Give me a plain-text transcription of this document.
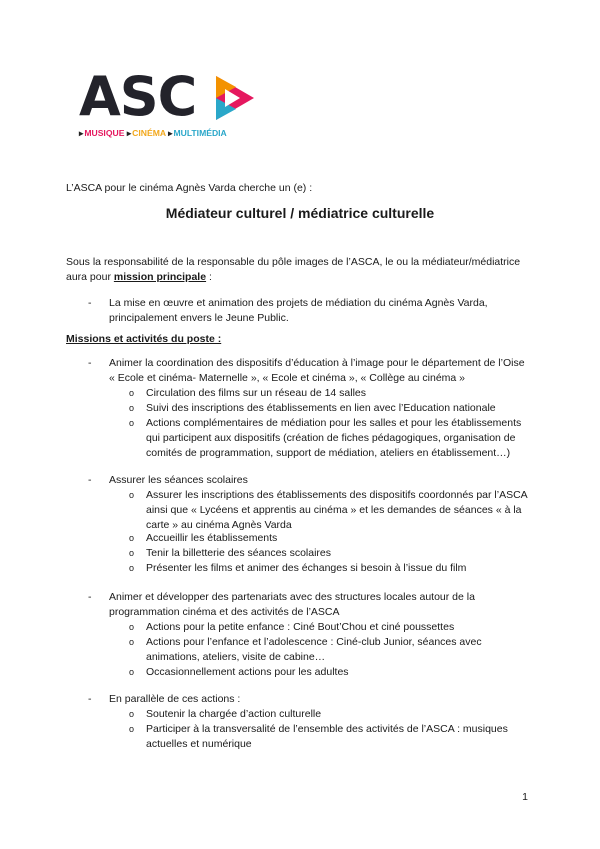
ASC
▸MUSIQUE ▸CINÉMA ▸MULTIMÉDIA
L’ASCA pour le cinéma Agnès Varda cherche un (e) :
Médiateur culturel / médiatrice culturelle
Sous la responsabilité de la responsable du pôle images de l’ASCA, le ou la médiateur/médiatrice aura pour mission principale :
- La mise en œuvre et animation des projets de médiation du cinéma Agnès Varda, principalement envers le Jeune Public.
Missions et activités du poste :
- Animer la coordination des dispositifs d’éducation à l’image pour le département de l’Oise « Ecole et cinéma- Maternelle », « Ecole et cinéma », « Collège au cinéma »
o Circulation des films sur un réseau de 14 salles
o Suivi des inscriptions des établissements en lien avec l’Education nationale
o Actions complémentaires de médiation pour les salles et pour les établissements qui participent aux dispositifs (création de fiches pédagogiques, organisation de comités de programmation, support de médiation, ateliers en établissement…)
- Assurer les séances scolaires
o Assurer les inscriptions des établissements des dispositifs coordonnés par l’ASCA ainsi que « Lycéens et apprentis au cinéma » et les demandes de séances « à la carte » au cinéma Agnès Varda
o Accueillir les établissements
o Tenir la billetterie des séances scolaires
o Présenter les films et animer des échanges si besoin à l’issue du film
- Animer et développer des partenariats avec des structures locales autour de la programmation cinéma et des activités de l’ASCA
o Actions pour la petite enfance : Ciné Bout’Chou et ciné poussettes
o Actions pour l’enfance et l’adolescence : Ciné-club Junior, séances avec animations, ateliers, visite de cabine…
o Occasionnellement actions pour les adultes
- En parallèle de ces actions :
o Soutenir la chargée d’action culturelle
o Participer à la transversalité de l’ensemble des activités de l’ASCA : musiques actuelles et numérique
1
